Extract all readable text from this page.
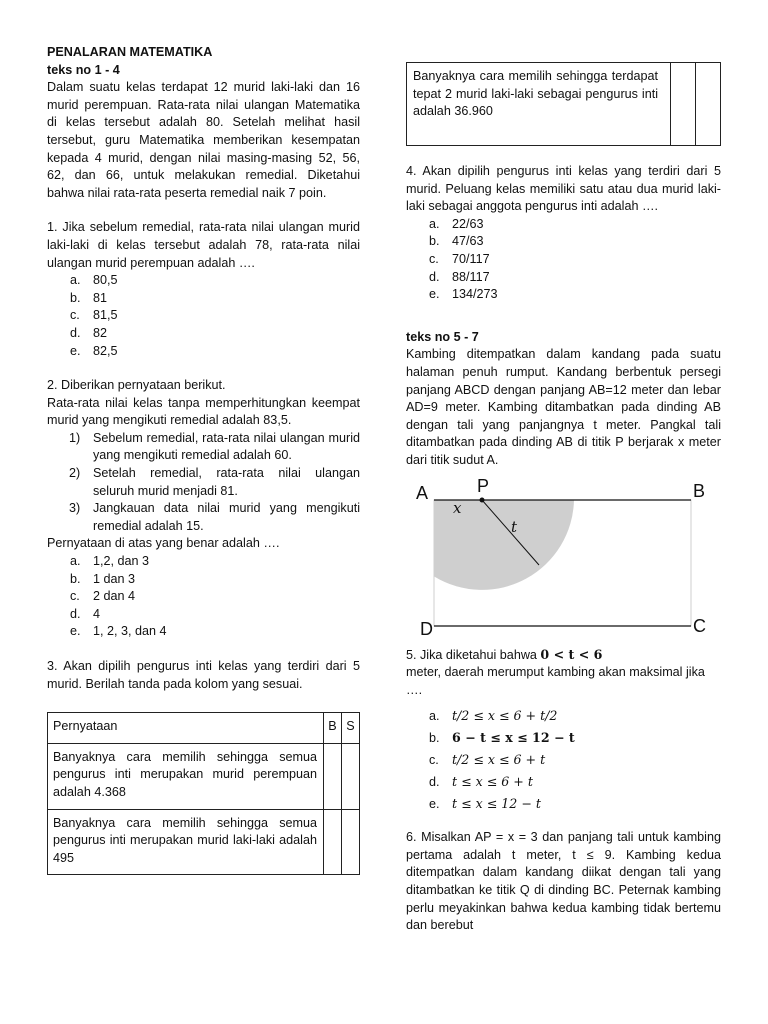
PENALARAN MATEMATIKA

teks no 1 - 4

Dalam suatu kelas terdapat 12 murid laki-laki dan 16 murid perempuan. Rata-rata nilai ulangan Matematika di kelas tersebut adalah 80. Setelah melihat hasil tersebut, guru Matematika memberikan kesempatan kepada 4 murid, dengan nilai masing-masing 52, 56, 62, dan 66, untuk melakukan remedial. Diketahui bahwa nilai rata-rata peserta remedial naik 7 poin.

1. Jika sebelum remedial, rata-rata nilai ulangan murid laki-laki di kelas tersebut adalah 78, rata-rata nilai ulangan murid perempuan adalah ….

a. 80,5
b. 81
c. 81,5
d. 82
e. 82,5

2. Diberikan pernyataan berikut.

Rata-rata nilai kelas tanpa memperhitungkan keempat murid yang mengikuti remedial adalah 83,5.

1) Sebelum remedial, rata-rata nilai ulangan murid yang mengikuti remedial adalah 60.
2) Setelah remedial, rata-rata nilai ulangan seluruh murid menjadi 81.
3) Jangkauan data nilai murid yang mengikuti remedial adalah 15.

Pernyataan di atas yang benar adalah ….

a. 1,2, dan 3
b. 1 dan 3
c. 2 dan 4
d. 4
e. 1, 2, 3, dan 4

3. Akan dipilih pengurus inti kelas yang terdiri dari 5 murid. Berilah tanda pada kolom yang sesuai.

Pernyataan	B	S
Banyaknya cara memilih sehingga semua pengurus inti merupakan murid perempuan adalah 4.368		
Banyaknya cara memilih sehingga semua pengurus inti merupakan murid laki-laki adalah 495		
Banyaknya cara memilih sehingga terdapat tepat 2 murid laki-laki sebagai pengurus inti adalah 36.960		

4. Akan dipilih pengurus inti kelas yang terdiri dari 5 murid. Peluang kelas memiliki satu atau dua murid laki-laki sebagai anggota pengurus inti adalah ….

a. 22/63
b. 47/63
c. 70/117
d. 88/117
e. 134/273

teks no 5 - 7

Kambing ditempatkan dalam kandang pada suatu halaman penuh rumput. Kandang berbentuk persegi panjang ABCD dengan panjang AB=12 meter dan lebar AD=9 meter. Kambing ditambatkan pada dinding AB dengan tali yang panjangnya t meter. Pangkal tali ditambatkan pada dinding AB di titik P berjarak x meter dari titik sudut A.

A	P	B
D	C
x
t

5. Jika diketahui bahwa 0 < t < 6

meter, daerah merumput kambing akan maksimal jika ….

a. t/2 ≤ x ≤ 6 + t/2
b. 6 − t ≤ x ≤ 12 − t
c. t/2 ≤ x ≤ 6 + t
d. t ≤ x ≤ 6 + t
e. t ≤ x ≤ 12 − t

6. Misalkan AP = x = 3 dan panjang tali untuk kambing pertama adalah t meter, t ≤ 9. Kambing kedua ditempatkan dalam kandang diikat dengan tali yang ditambatkan ke titik Q di dinding BC. Peternak kambing perlu meyakinkan bahwa kedua kambing tidak bertemu dan berebut
